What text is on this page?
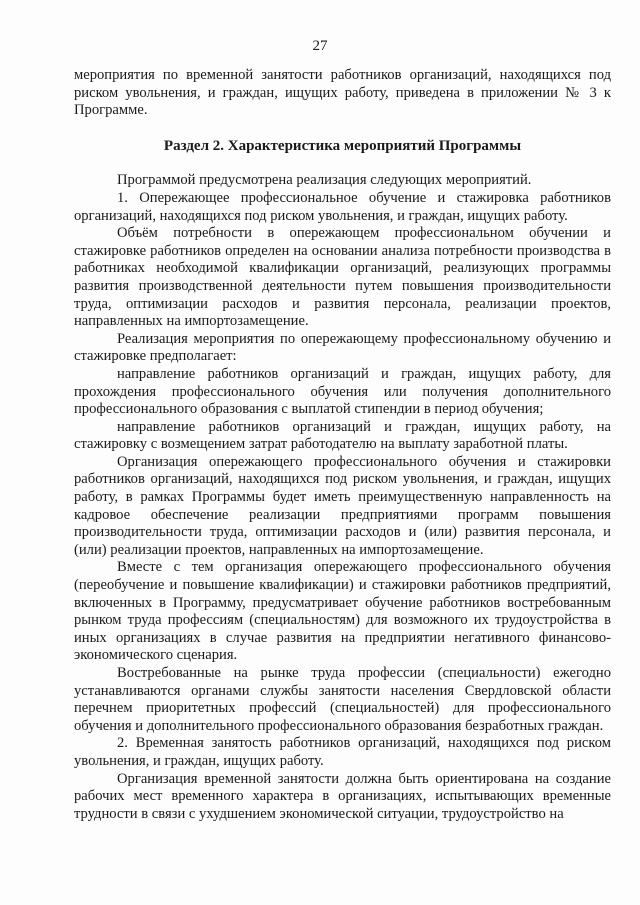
27

мероприятия по временной занятости работников организаций, находящихся под риском увольнения, и граждан, ищущих работу, приведена в приложении № 3 к Программе.

Раздел 2. Характеристика мероприятий Программы

Программой предусмотрена реализация следующих мероприятий.

1. Опережающее профессиональное обучение и стажировка работников организаций, находящихся под риском увольнения, и граждан, ищущих работу.

Объём потребности в опережающем профессиональном обучении и стажировке работников определен на основании анализа потребности производства в работниках необходимой квалификации организаций, реализующих программы развития производственной деятельности путем повышения производительности труда, оптимизации расходов и развития персонала, реализации проектов, направленных на импортозамещение.

Реализация мероприятия по опережающему профессиональному обучению и стажировке предполагает:

направление работников организаций и граждан, ищущих работу, для прохождения профессионального обучения или получения дополнительного профессионального образования с выплатой стипендии в период обучения;

направление работников организаций и граждан, ищущих работу, на стажировку с возмещением затрат работодателю на выплату заработной платы.

Организация опережающего профессионального обучения и стажировки работников организаций, находящихся под риском увольнения, и граждан, ищущих работу, в рамках Программы будет иметь преимущественную направленность на кадровое обеспечение реализации предприятиями программ повышения производительности труда, оптимизации расходов и (или) развития персонала, и (или) реализации проектов, направленных на импортозамещение.

Вместе с тем организация опережающего профессионального обучения (переобучение и повышение квалификации) и стажировки работников предприятий, включенных в Программу, предусматривает обучение работников востребованным рынком труда профессиям (специальностям) для возможного их трудоустройства в иных организациях в случае развития на предприятии негативного финансово-экономического сценария.

Востребованные на рынке труда профессии (специальности) ежегодно устанавливаются органами службы занятости населения Свердловской области перечнем приоритетных профессий (специальностей) для профессионального обучения и дополнительного профессионального образования безработных граждан.

2. Временная занятость работников организаций, находящихся под риском увольнения, и граждан, ищущих работу.

Организация временной занятости должна быть ориентирована на создание рабочих мест временного характера в организациях, испытывающих временные трудности в связи с ухудшением экономической ситуации, трудоустройство на
